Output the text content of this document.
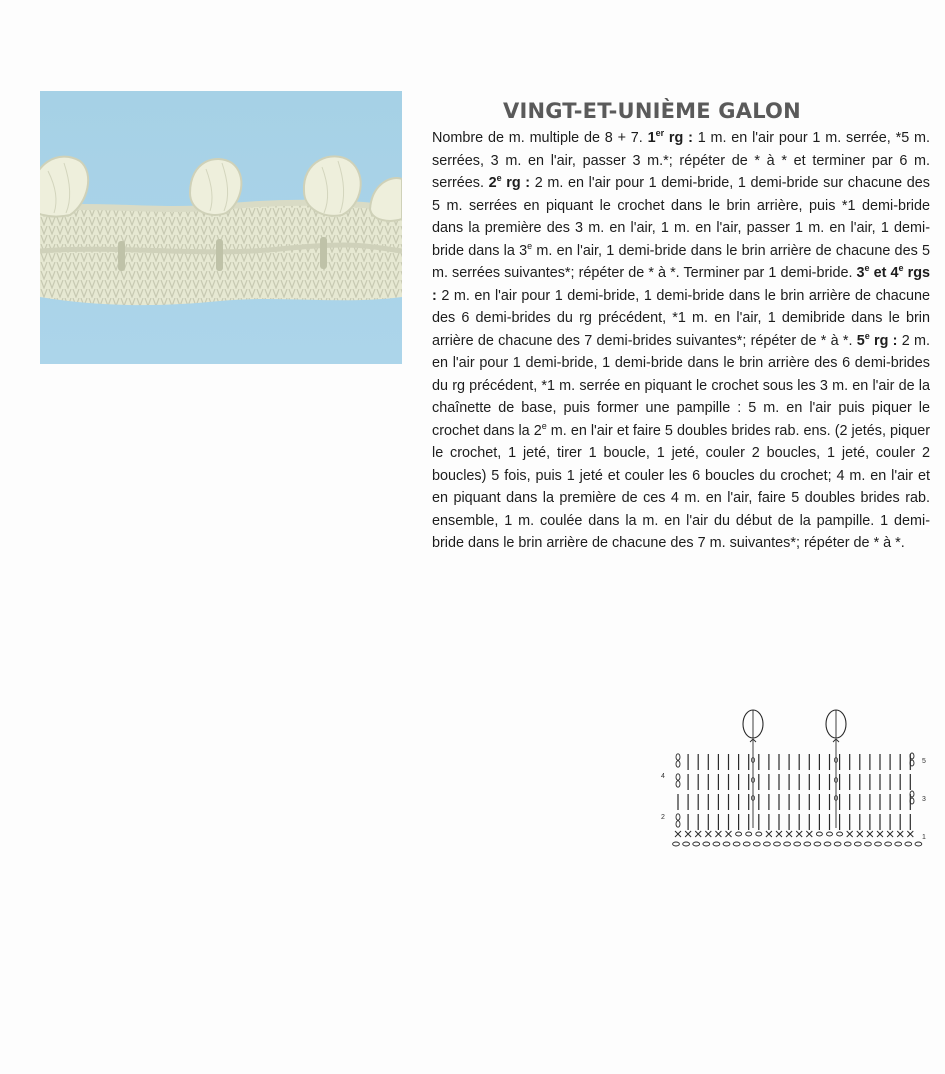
VINGT-ET-UNIÈME GALON

Nombre de m. multiple de 8 + 7. 1er rg : 1 m. en l'air pour 1 m. serrée, *5 m. serrées, 3 m. en l'air, passer 3 m.*; répéter de * à * et terminer par 6 m. serrées. 2e rg : 2 m. en l'air pour 1 demi-bride, 1 demi-bride sur chacune des 5 m. serrées en piquant le crochet dans le brin arrière, puis *1 demi-bride dans la première des 3 m. en l'air, 1 m. en l'air, passer 1 m. en l'air, 1 demi-bride dans la 3e m. en l'air, 1 demi-bride dans le brin arrière de chacune des 5 m. serrées suivantes*; répéter de * à *. Terminer par 1 demi-bride. 3e et 4e rgs : 2 m. en l'air pour 1 demi-bride, 1 demi-bride dans le brin arrière de chacune des 6 demi-brides du rg précédent, *1 m. en l'air, 1 demibride dans le brin arrière de chacune des 7 demi-brides suivantes*; répéter de * à *. 5e rg : 2 m. en l'air pour 1 demi-bride, 1 demi-bride dans le brin arrière des 6 demi-brides du rg précédent, *1 m. serrée en piquant le crochet sous les 3 m. en l'air de la chaînette de base, puis former une pampille : 5 m. en l'air puis piquer le crochet dans la 2e m. en l'air et faire 5 doubles brides rab. ens. (2 jetés, piquer le crochet, 1 jeté, tirer 1 boucle, 1 jeté, couler 2 boucles, 1 jeté, couler 2 boucles) 5 fois, puis 1 jeté et couler les 6 boucles du crochet; 4 m. en l'air et en piquant dans la première de ces 4 m. en l'air, faire 5 doubles brides rab. ensemble, 1 m. coulée dans la m. en l'air du début de la pampille. 1 demi-bride dans le brin arrière de chacune des 7 m. suivantes*; répéter de * à *.

4
2
5
3
1
